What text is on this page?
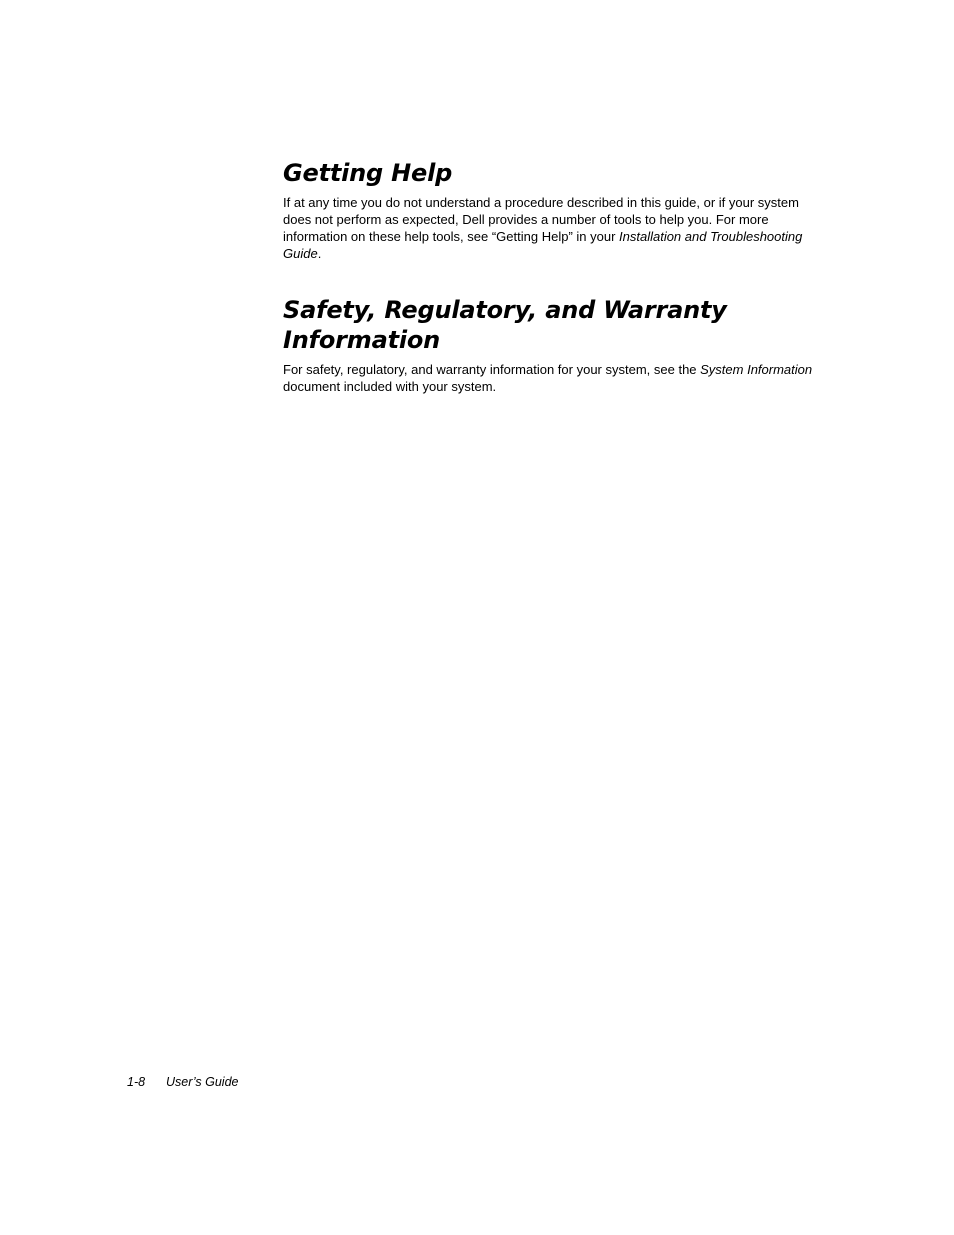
Getting Help

If at any time you do not understand a procedure described in this guide, or if your system does not perform as expected, Dell provides a number of tools to help you. For more information on these help tools, see “Getting Help” in your Installation and Troubleshooting Guide.

Safety, Regulatory, and Warranty Information

For safety, regulatory, and warranty information for your system, see the System Information document included with your system.

1-8 User’s Guide
